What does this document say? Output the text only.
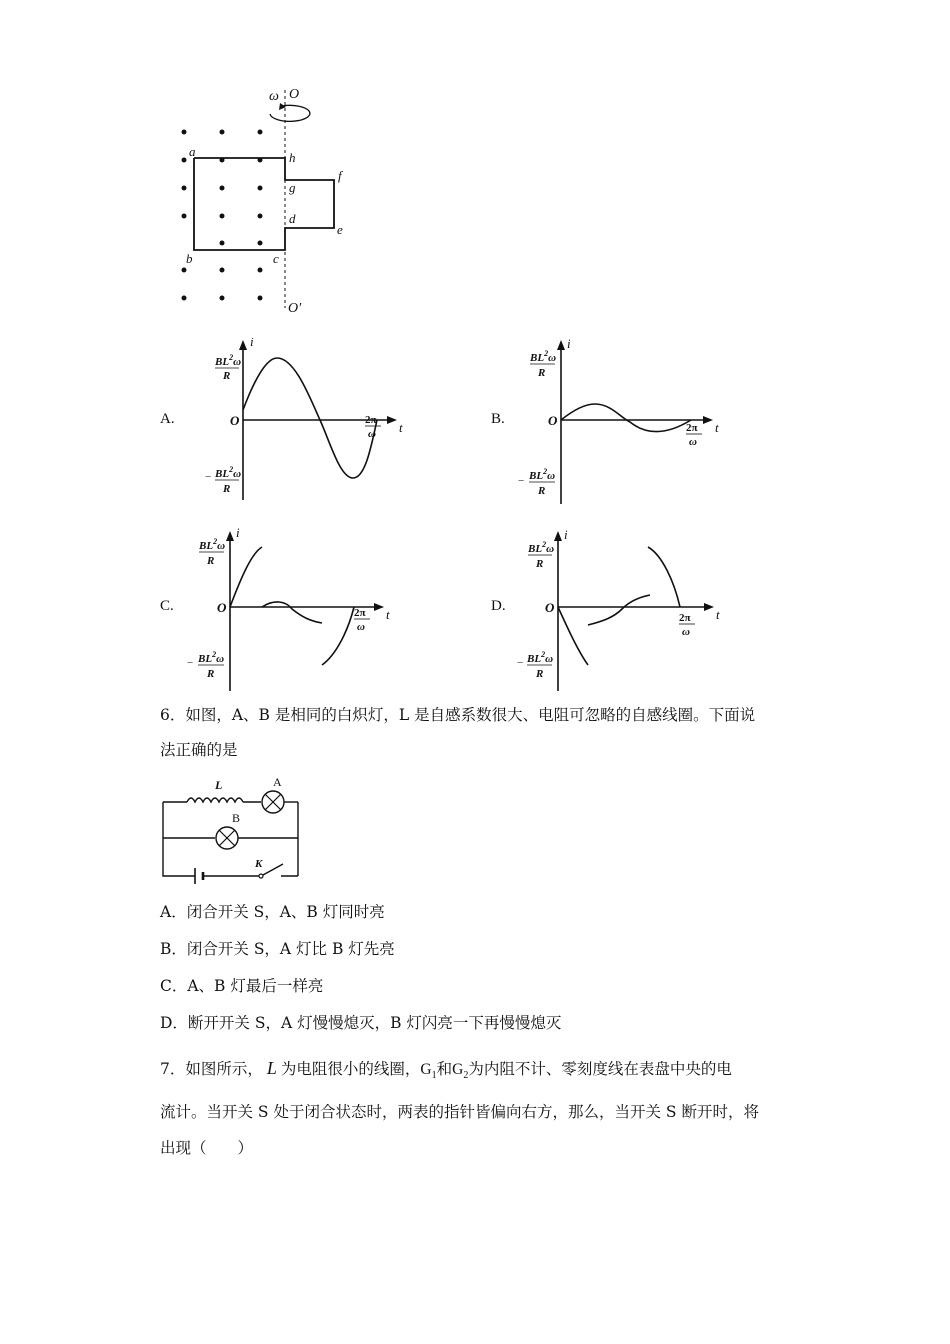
ω O
O'
a
b	c
d
e
f
g
h
A.	B.
C.	D.
i
t
O
$BL^2\omega$
R
− $BL^2\omega$
R
2π
ω
i
t
O
$BL^2\omega$
R
− $BL^2\omega$
R
2π
ω
i
t
O
$BL^2\omega$
R
− $BL^2\omega$
R
2π
ω
i
t
O
$BL^2\omega$
R
− $BL^2\omega$
R
2π
ω
6．如图，A、B 是相同的白炽灯，L 是自感系数很大、电阻可忽略的自感线圈。下面说
法正确的是
L	A
B
K
A．闭合开关 S，A、B 灯同时亮
B．闭合开关 S，A 灯比 B 灯先亮
C．A、B 灯最后一样亮
D．断开开关 S，A 灯慢慢熄灭，B 灯闪亮一下再慢慢熄灭
7．如图所示， L 为电阻很小的线圈，$G_1$和$G_2$为内阻不计、零刻度线在表盘中央的电
流计。当开关 S 处于闭合状态时，两表的指针皆偏向右方，那么，当开关 S 断开时，将
出现（　　）
